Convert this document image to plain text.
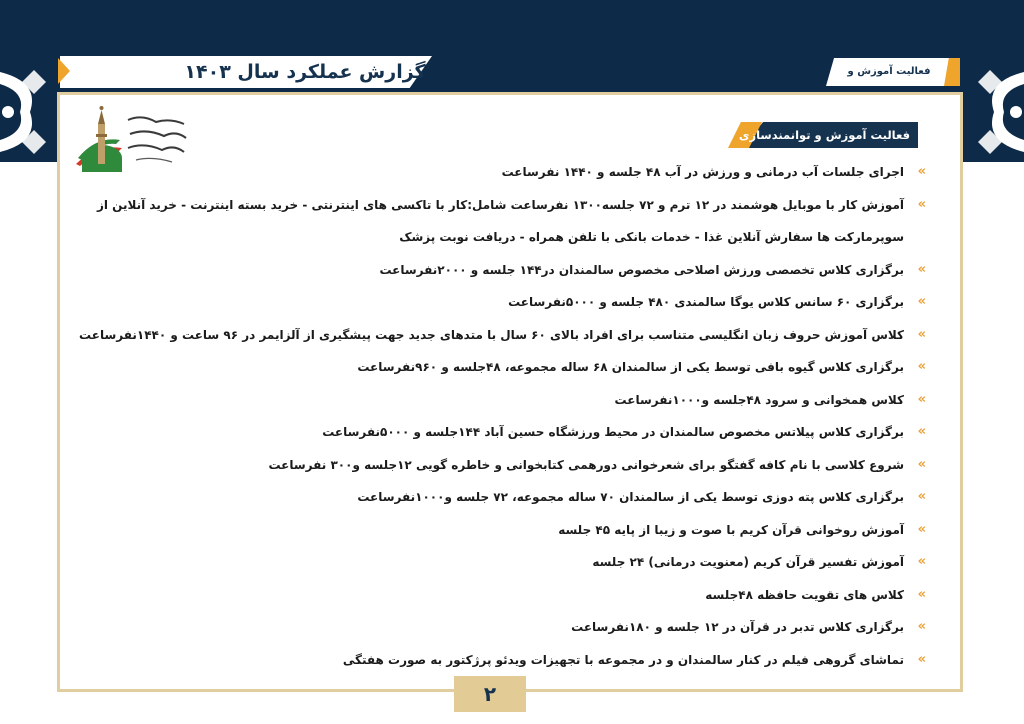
گزارش عملکرد سال ۱۴۰۳	فعالیت آموزش و
فعالیت آموزش و توانمندسازی
»
اجرای جلسات آب درمانی و ورزش در آب ۴۸ جلسه و ۱۴۴۰ نفرساعت
»
آموزش کار با موبایل هوشمند در ۱۲ ترم و ۷۲ جلسه۱۳۰۰ نفرساعت شامل:کار با تاکسی های اینترنتی - خرید بسته اینترنت - خرید آنلاین از سوپرمارکت ها سفارش آنلاین غذا - خدمات بانکی با تلفن همراه - دریافت نوبت پزشک
»
برگزاری کلاس تخصصی ورزش اصلاحی مخصوص سالمندان در۱۴۴ جلسه و ۲۰۰۰نفرساعت
»
برگزاری ۶۰ سانس کلاس یوگا سالمندی ۴۸۰ جلسه و ۵۰۰۰نفرساعت
»
کلاس آموزش حروف زبان انگلیسی متناسب برای افراد بالای ۶۰ سال با متدهای جدید جهت پیشگیری از آلزایمر در ۹۶ ساعت و ۱۴۴۰نفرساعت
»
برگزاری کلاس گیوه بافی توسط یکی از سالمندان ۶۸ ساله مجموعه، ۴۸جلسه و ۹۶۰نفرساعت
»
کلاس همخوانی و سرود ۴۸جلسه و۱۰۰۰نفرساعت
»
برگزاری کلاس پیلاتس مخصوص سالمندان در محیط ورزشگاه حسین آباد ۱۴۴جلسه و ۵۰۰۰نفرساعت
»
شروع کلاسی با نام کافه گفتگو برای شعرخوانی دورهمی کتابخوانی و خاطره گویی ۱۲جلسه و۳۰۰ نفرساعت
»
برگزاری کلاس پته دوزی توسط یکی از سالمندان ۷۰ ساله مجموعه، ۷۲ جلسه و۱۰۰۰نفرساعت
»
آموزش روخوانی قرآن کریم با صوت و زیبا از پایه ۴۵ جلسه
»
آموزش تفسیر قرآن کریم (معنویت درمانی) ۲۴ جلسه
»
کلاس های تقویت حافظه ۴۸جلسه
»
برگزاری کلاس تدبر در قرآن در ۱۲ جلسه و ۱۸۰نفرساعت
»
تماشای گروهی فیلم در کنار سالمندان و در مجموعه با تجهیزات ویدئو پرژکتور به صورت هفتگی
۲
